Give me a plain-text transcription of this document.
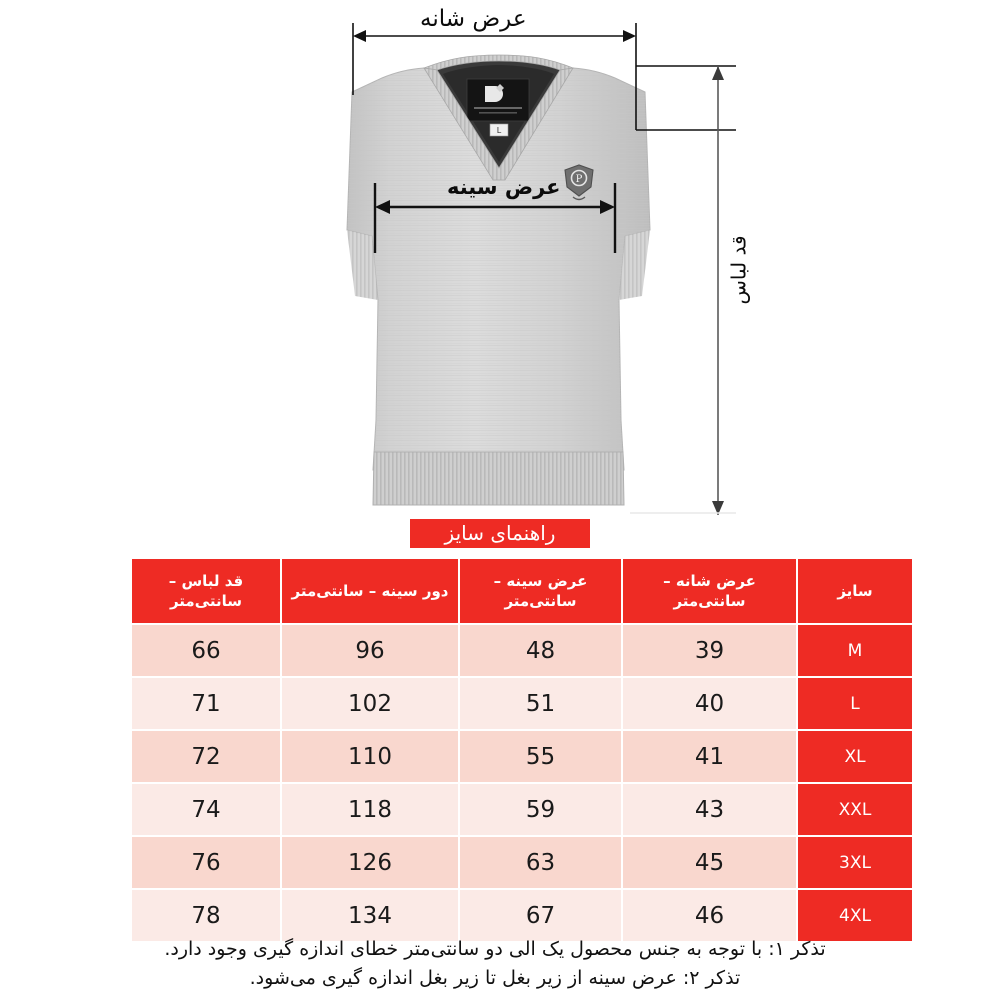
L
P
عرض شانه
عرض سینه
قد لباس
راهنمای سایز
سایز	عرض شانه – سانتی‌متر	عرض سینه – سانتی‌متر	دور سینه – سانتی‌متر	قد لباس – سانتی‌متر
M	39	48	96	66
L	40	51	102	71
XL	41	55	110	72
XXL	43	59	118	74
3XL	45	63	126	76
4XL	46	67	134	78
تذکر ۱: با توجه به جنس محصول یک الی دو سانتی‌متر خطای اندازه گیری وجود دارد.
تذکر ۲: عرض سینه از زیر بغل تا زیر بغل اندازه گیری می‌شود.
